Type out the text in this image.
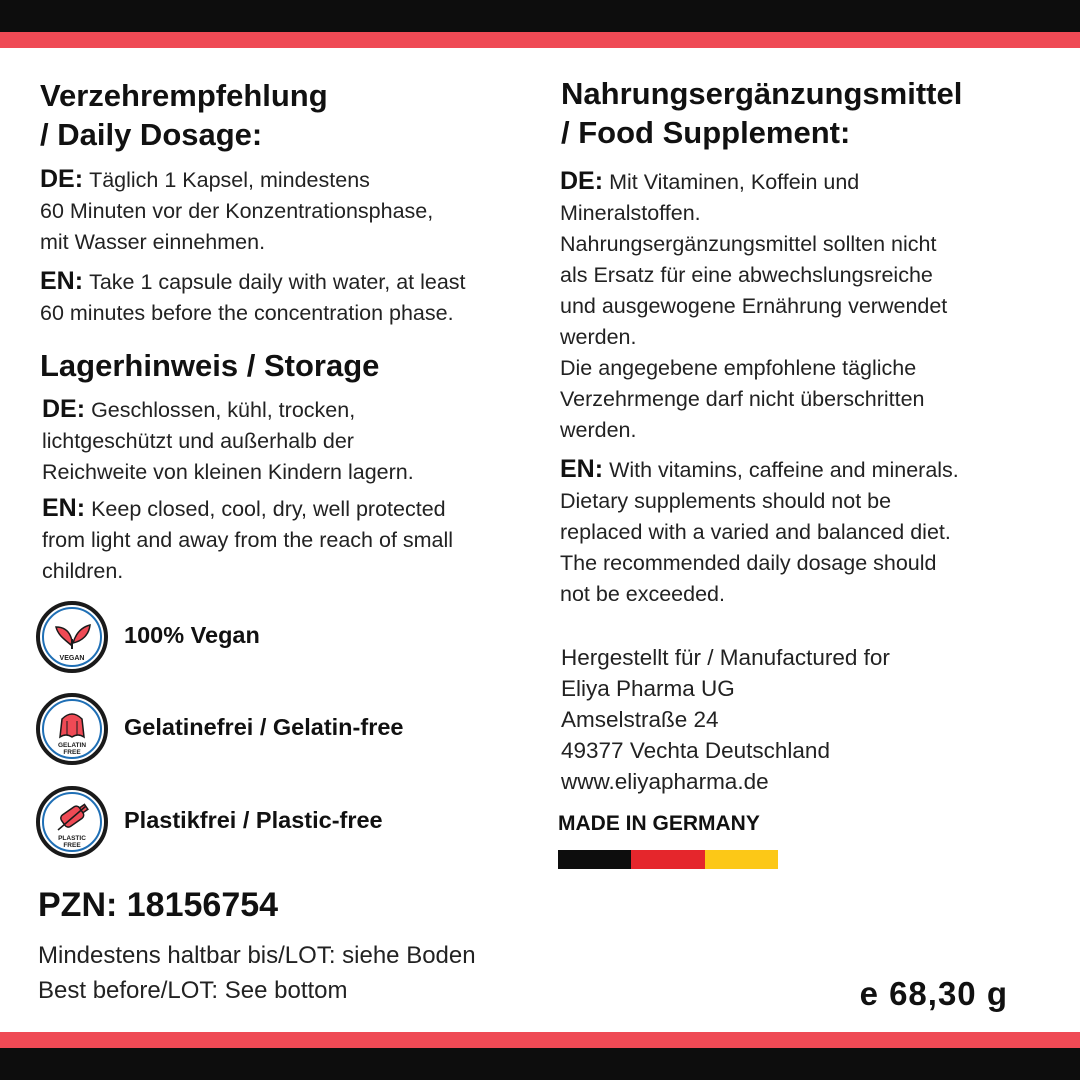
Verzehrempfehlung
/ Daily Dosage:
DE: Täglich 1 Kapsel, mindestens
60 Minuten vor der Konzentrationsphase,
mit Wasser einnehmen.
EN: Take 1 capsule daily with water, at least
60 minutes before the concentration phase.
Lagerhinweis / Storage
DE: Geschlossen, kühl, trocken,
lichtgeschützt und außerhalb der
Reichweite von kleinen Kindern lagern.
EN: Keep closed, cool, dry, well protected
from light and away from the reach of small
children.
VEGAN
100% Vegan
GELATIN
FREE
Gelatinefrei / Gelatin-free
PLASTIC
FREE
Plastikfrei / Plastic-free
PZN: 18156754
Mindestens haltbar bis/LOT: siehe Boden
Best before/LOT: See bottom
Nahrungsergänzungsmittel
/ Food Supplement:
DE: Mit Vitaminen, Koffein und
Mineralstoffen.
Nahrungsergänzungsmittel sollten nicht
als Ersatz für eine abwechslungsreiche
und ausgewogene Ernährung verwendet
werden.
Die angegebene empfohlene tägliche
Verzehrmenge darf nicht überschritten
werden.
EN: With vitamins, caffeine and minerals.
Dietary supplements should not be
replaced with a varied and balanced diet.
The recommended daily dosage should
not be exceeded.
Hergestellt für / Manufactured for
Eliya Pharma UG
Amselstraße 24
49377 Vechta Deutschland
www.eliyapharma.de
MADE IN GERMANY
e 68,30 g
